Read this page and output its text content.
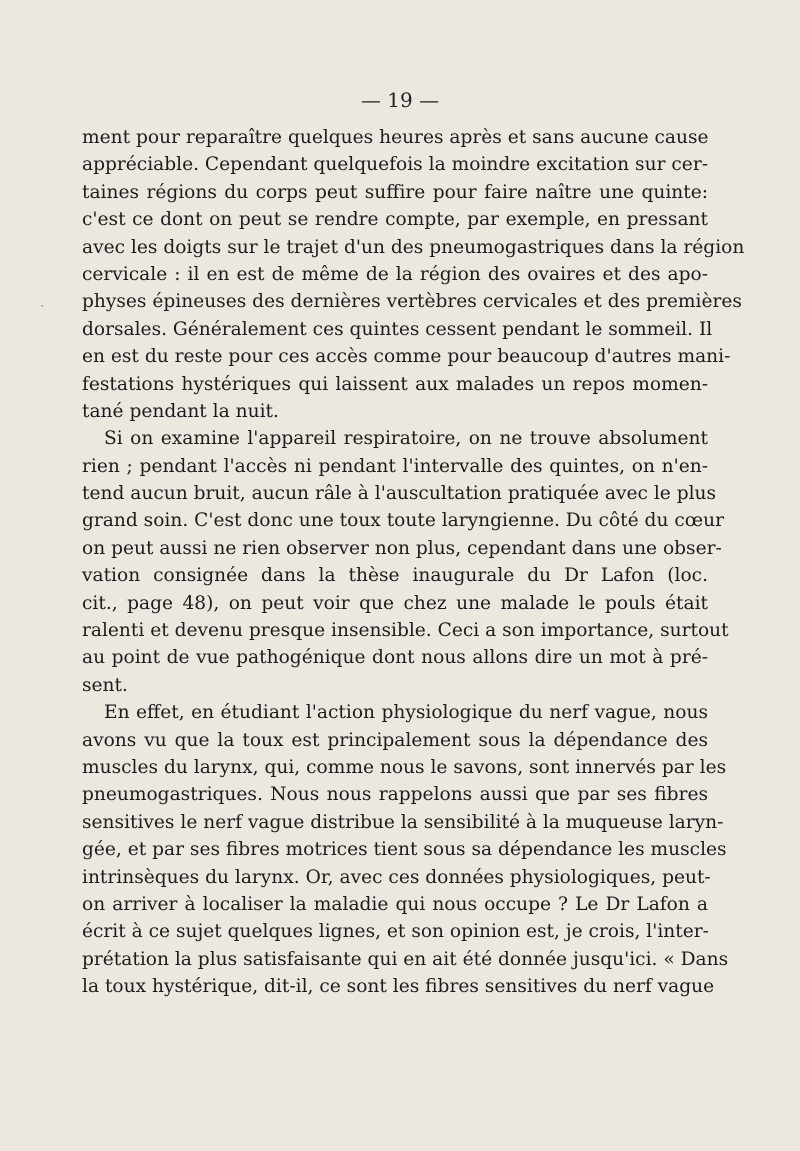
— 19 —
ment pour reparaître quelques heures après et sans aucune cause
appréciable. Cependant quelquefois la moindre excitation sur cer-
taines régions du corps peut suffire pour faire naître une quinte:
c'est ce dont on peut se rendre compte, par exemple, en pressant
avec les doigts sur le trajet d'un des pneumogastriques dans la région
cervicale : il en est de même de la région des ovaires et des apo-
physes épineuses des dernières vertèbres cervicales et des premières
dorsales. Généralement ces quintes cessent pendant le sommeil. Il
en est du reste pour ces accès comme pour beaucoup d'autres mani-
festations hystériques qui laissent aux malades un repos momen-
tané pendant la nuit.
Si on examine l'appareil respiratoire, on ne trouve absolument
rien ; pendant l'accès ni pendant l'intervalle des quintes, on n'en-
tend aucun bruit, aucun râle à l'auscultation pratiquée avec le plus
grand soin. C'est donc une toux toute laryngienne. Du côté du cœur
on peut aussi ne rien observer non plus, cependant dans une obser-
vation consignée dans la thèse inaugurale du Dr Lafon (loc.
cit., page 48), on peut voir que chez une malade le pouls était
ralenti et devenu presque insensible. Ceci a son importance, surtout
au point de vue pathogénique dont nous allons dire un mot à pré-
sent.
En effet, en étudiant l'action physiologique du nerf vague, nous
avons vu que la toux est principalement sous la dépendance des
muscles du larynx, qui, comme nous le savons, sont innervés par les
pneumogastriques. Nous nous rappelons aussi que par ses fibres
sensitives le nerf vague distribue la sensibilité à la muqueuse laryn-
gée, et par ses fibres motrices tient sous sa dépendance les muscles
intrinsèques du larynx. Or, avec ces données physiologiques, peut-
on arriver à localiser la maladie qui nous occupe ? Le Dr Lafon a
écrit à ce sujet quelques lignes, et son opinion est, je crois, l'inter-
prétation la plus satisfaisante qui en ait été donnée jusqu'ici. « Dans
la toux hystérique, dit-il, ce sont les fibres sensitives du nerf vague
ˏ
